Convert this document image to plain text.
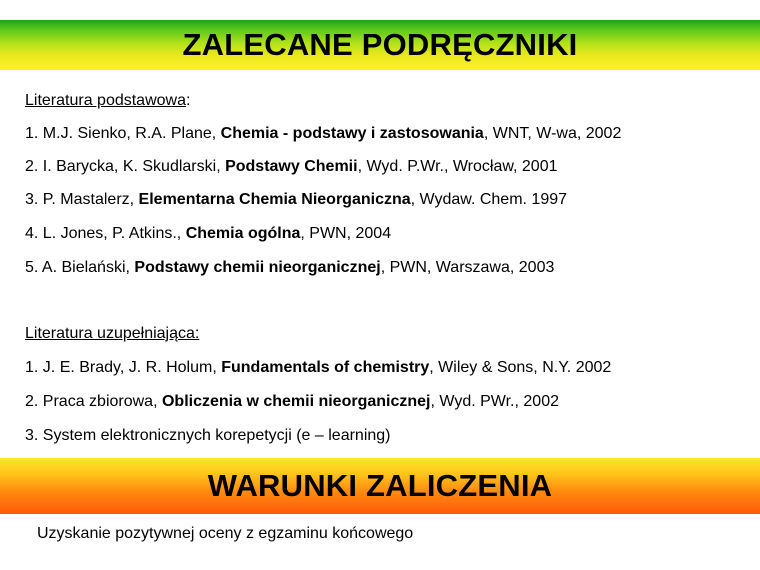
ZALECANE PODRĘCZNIKI
Literatura podstawowa:
1. M.J. Sienko, R.A. Plane, Chemia - podstawy i zastosowania, WNT, W-wa, 2002
2. I. Barycka, K. Skudlarski, Podstawy Chemii, Wyd. P.Wr., Wrocław, 2001
3. P. Mastalerz, Elementarna Chemia Nieorganiczna, Wydaw. Chem. 1997
4. L. Jones, P. Atkins., Chemia ogólna, PWN, 2004
5. A. Bielański, Podstawy chemii nieorganicznej, PWN, Warszawa, 2003
Literatura uzupełniająca:
1. J. E. Brady, J. R. Holum, Fundamentals of chemistry, Wiley & Sons, N.Y. 2002
2. Praca zbiorowa, Obliczenia w chemii nieorganicznej, Wyd. PWr., 2002
3. System elektronicznych korepetycji (e – learning)
WARUNKI ZALICZENIA
Uzyskanie pozytywnej oceny z egzaminu końcowego
